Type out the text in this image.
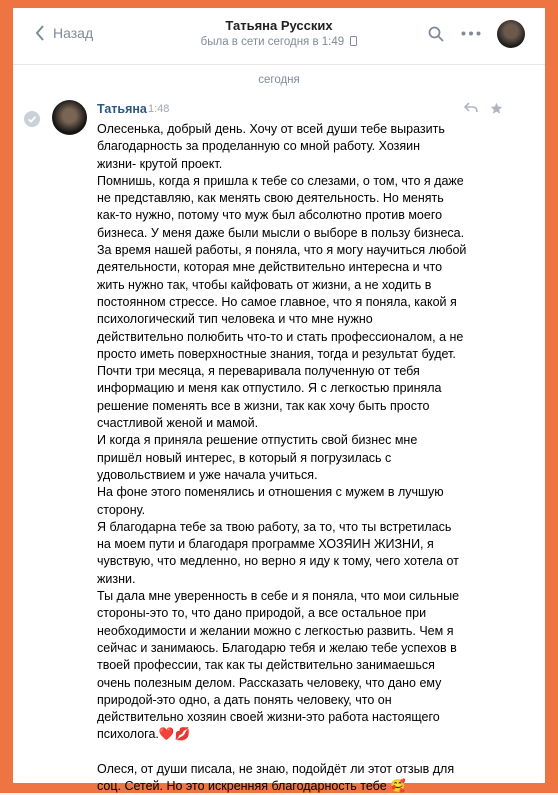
Назад	Татьяна Русских
была в сети сегодня в 1:49
сегодня
Татьяна 1:48

Олесенька, добрый день. Хочу от всей души тебе выразить

благодарность за проделанную со мной работу. Хозяин

жизни- крутой проект.

Помнишь, когда я пришла к тебе со слезами, о том, что я даже

не представляю, как менять свою деятельность. Но менять

как-то нужно, потому что муж был абсолютно против моего

бизнеса. У меня даже были мысли о выборе в пользу бизнеса.

За время нашей работы, я поняла, что я могу научиться любой

деятельности, которая мне действительно интересна и что

жить нужно так, чтобы кайфовать от жизни, а не ходить в

постоянном стрессе. Но самое главное, что я поняла, какой я

психологический тип человека и что мне нужно

действительно полюбить что-то и стать профессионалом, а не

просто иметь поверхностные знания, тогда и результат будет.

Почти три месяца, я переваривала полученную от тебя

информацию и меня как отпустило. Я с легкостью приняла

решение поменять все в жизни, так как хочу быть просто

счастливой женой и мамой.

И когда я приняла решение отпустить свой бизнес мне

пришёл новый интерес, в который я погрузилась с

удовольствием и уже начала учиться.

На фоне этого поменялись и отношения с мужем в лучшую

сторону.

Я благодарна тебе за твою работу, за то, что ты встретилась

на моем пути и благодаря программе ХОЗЯИН ЖИЗНИ, я

чувствую, что медленно, но верно я иду к тому, чего хотела от

жизни.

Ты дала мне уверенность в себе и я поняла, что мои сильные

стороны-это то, что дано природой, а все остальное при

необходимости и желании можно с легкостью развить. Чем я

сейчас и занимаюсь. Благодарю тебя и желаю тебе успехов в

твоей профессии, так как ты действительно занимаешься

очень полезным делом. Рассказать человеку, что дано ему

природой-это одно, а дать понять человеку, что он

действительно хозяин своей жизни-это работа настоящего

психолога.❤️💋

Олеся, от души писала, не знаю, подойдёт ли этот отзыв для

соц. Сетей. Но это искренняя благодарность тебе 🥰
